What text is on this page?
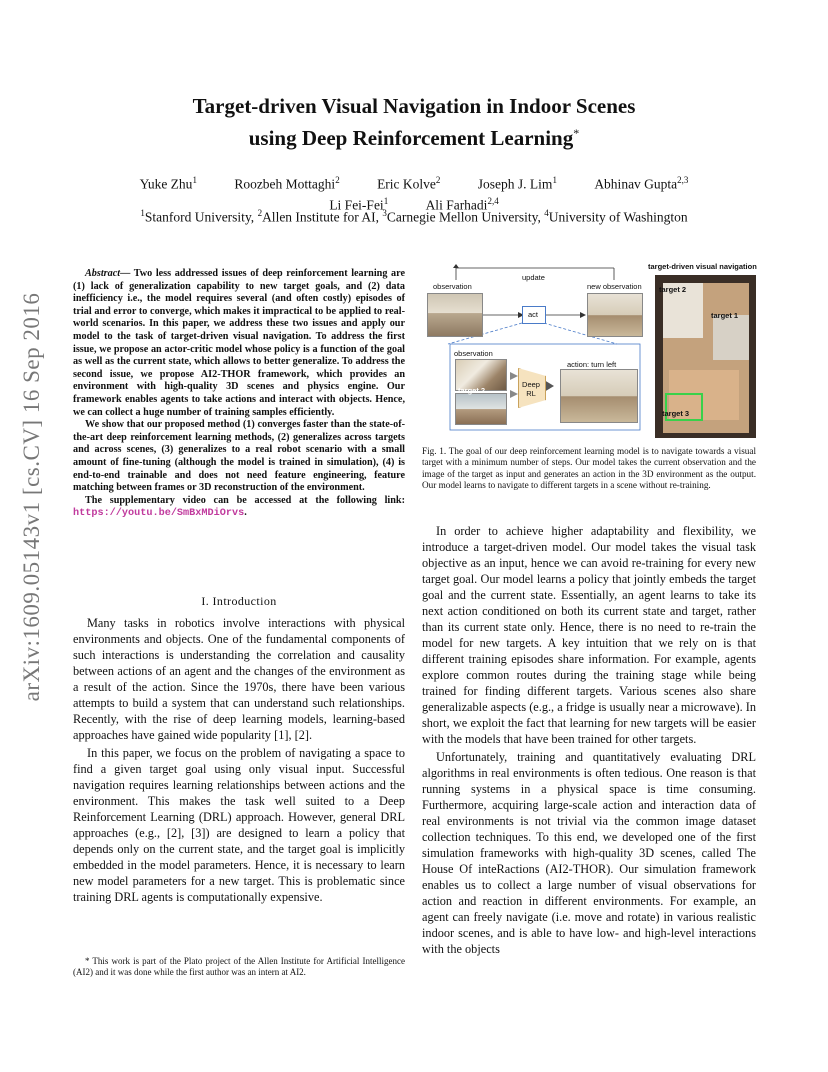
arXiv:1609.05143v1 [cs.CV] 16 Sep 2016
Target-driven Visual Navigation in Indoor Scenes
using Deep Reinforcement Learning*
Yuke Zhu$^1$	Roozbeh Mottaghi$^2$	Eric Kolve$^2$	Joseph J. Lim$^1$	Abhinav Gupta$^{2,3}$
Li Fei-Fei$^1$	Ali Farhadi$^{2,4}$
$^1$Stanford University, $^2$Allen Institute for AI, $^3$Carnegie Mellon University, $^4$University of Washington

Abstract— Two less addressed issues of deep reinforcement learning are (1) lack of generalization capability to new target goals, and (2) data inefficiency i.e., the model requires several (and often costly) episodes of trial and error to converge, which makes it impractical to be applied to real-world scenarios. In this paper, we address these two issues and apply our model to the task of target-driven visual navigation. To address the first issue, we propose an actor-critic model whose policy is a function of the goal as well as the current state, which allows to better generalize. To address the second issue, we propose AI2-THOR framework, which provides an environment with high-quality 3D scenes and physics engine. Our framework enables agents to take actions and interact with objects. Hence, we can collect a huge number of training samples efficiently.

We show that our proposed method (1) converges faster than the state-of-the-art deep reinforcement learning methods, (2) generalizes across targets and across scenes, (3) generalizes to a real robot scenario with a small amount of fine-tuning (although the model is trained in simulation), (4) is end-to-end trainable and does not need feature engineering, feature matching between frames or 3D reconstruction of the environment.

The supplementary video can be accessed at the following link: https://youtu.be/SmBxMDiOrvs.

I. Introduction

Many tasks in robotics involve interactions with physical environments and objects. One of the fundamental components of such interactions is understanding the correlation and causality between actions of an agent and the changes of the environment as a result of the action. Since the 1970s, there have been various attempts to build a system that can understand such relationships. Recently, with the rise of deep learning models, learning-based approaches have gained wide popularity [1], [2].

In this paper, we focus on the problem of navigating a space to find a given target goal using only visual input. Successful navigation requires learning relationships between actions and the environment. This makes the task well suited to a Deep Reinforcement Learning (DRL) approach. However, general DRL approaches (e.g., [2], [3]) are designed to learn a policy that depends only on the current state, and the target goal is implicitly embedded in the model parameters. Hence, it is necessary to learn new model parameters for a new target. This is problematic since training DRL agents is computationally expensive.

* This work is part of the Plato project of the Allen Institute for Artificial Intelligence (AI2) and it was done while the first author was an intern at AI2.
update
observation	new observation
act
observation
action: turn left
target 2
Deep RL
target-driven visual navigation
target 2
target 1
target 3
Fig. 1. The goal of our deep reinforcement learning model is to navigate towards a visual target with a minimum number of steps. Our model takes the current observation and the image of the target as input and generates an action in the 3D environment as the output. Our model learns to navigate to different targets in a scene without re-training.

In order to achieve higher adaptability and flexibility, we introduce a target-driven model. Our model takes the visual task objective as an input, hence we can avoid re-training for every new target goal. Our model learns a policy that jointly embeds the target goal and the current state. Essentially, an agent learns to take its next action conditioned on both its current state and target, rather than its current state only. Hence, there is no need to re-train the model for new targets. A key intuition that we rely on is that different training episodes share information. For example, agents explore common routes during the training stage while being trained for finding different targets. Various scenes also share generalizable aspects (e.g., a fridge is usually near a microwave). In short, we exploit the fact that learning for new targets will be easier with the models that have been trained for other targets.

Unfortunately, training and quantitatively evaluating DRL algorithms in real environments is often tedious. One reason is that running systems in a physical space is time consuming. Furthermore, acquiring large-scale action and interaction data of real environments is not trivial via the common image dataset collection techniques. To this end, we developed one of the first simulation frameworks with high-quality 3D scenes, called The House Of inteRactions (AI2-THOR). Our simulation framework enables us to collect a large number of visual observations for action and reaction in different environments. For example, an agent can freely navigate (i.e. move and rotate) in various realistic indoor scenes, and is able to have low- and high-level interactions with the objects
